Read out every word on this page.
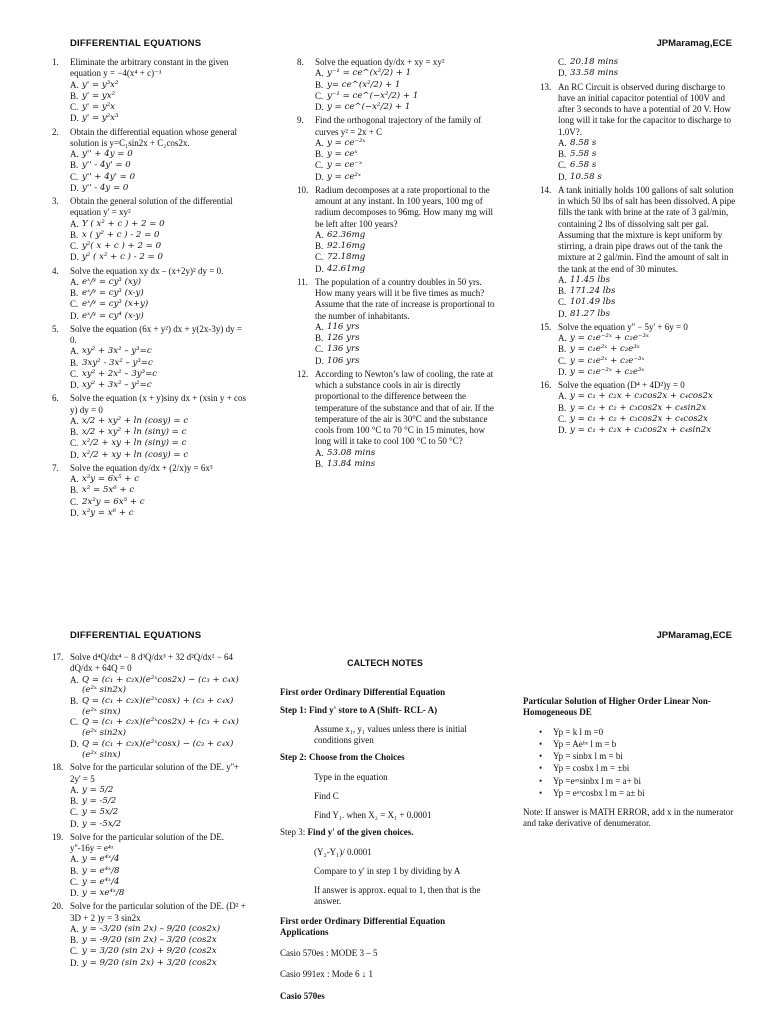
DIFFERENTIAL EQUATIONS	JPMaramag,ECE
1.	Eliminate the arbitrary constant in the given equation y = −4(x⁴ + c)⁻¹
A. y' = y³x²
B. y' = yx²
C. y' = y²x
D. y' = y²x³
2.	Obtain the differential equation whose general solution is y=C₁sin2x + C₂cos2x.
A. y'' + 4y = 0
B. y'' - 4y' = 0
C. y'' + 4y' = 0
D. y'' - 4y = 0
3.	Obtain the general solution of the differential equation y' = xy²
A. Y ( x² + c ) + 2 = 0
B. x ( y² + c ) - 2 = 0
C. y²( x + c ) + 2 = 0
D. y² ( x² + c ) - 2 = 0
4.	Solve the equation xy dx – (x+2y)² dy = 0.
A. eˣ/ʸ = cy³ (xy)
B. eˣ/ʸ = cy³ (x-y)
C. eˣ/ʸ = cy³ (x+y)
D. eˣ/ʸ = cy⁴ (x-y)
5.	Solve the equation (6x + y²) dx + y(2x-3y) dy = 0.
A. xy² + 3x² – y³=c
B. 3xy² - 3x² – y³=c
C. xy² + 2x² – 3y³=c
D. xy² + 3x² – y²=c
6.	Solve the equation (x + y)siny dx + (xsin y + cos y) dy = 0
A. x/2 + xy² + ln (cosy) = c
B. x/2 + xy² + ln (siny) = c
C. x²/2 + xy + ln (siny) = c
D. x²/2 + xy + ln (cosy) = c
7.	Solve the equation dy/dx + (2/x)y = 6x³
A. x²y = 6x⁵ + c
B. x² = 5x⁶ + c
C. 2x²y = 6x⁵ + c
D. x²y = x⁶ + c
8.	Solve the equation dy/dx + xy = xy²
A. y⁻¹ = ce^(x²/2) + 1
B. y= ce^(x²/2) + 1
C. y⁻¹ = ce^(−x²/2) + 1
D. y = ce^(−x²/2) + 1
9.	Find the orthogonal trajectory of the family of curves y² = 2x + C
A. y = ce⁻²ˣ
B. y = ceˣ
C. y = ce⁻ˣ
D. y = ce²ˣ
10. Radium decomposes at a rate proportional to the amount at any instant. In 100 years, 100 mg of radium decomposes to 96mg. How many mg will be left after 100 years?
A. 62.36mg
B. 92.16mg
C. 72.18mg
D. 42.61mg
11. The population of a country doubles in 50 yrs. How many years will it be five times as much? Assume that the rate of increase is proportional to the number of inhabitants.
A. 116 yrs
B. 126 yrs
C. 136 yrs
D. 106 yrs
12. According to Newton’s law of cooling, the rate at which a substance cools in air is directly proportional to the difference between the temperature of the substance and that of air. If the temperature of the air is 30°C and the substance cools from 100 °C to 70 °C in 15 minutes, how long will it take to cool 100 °C to 50 °C?
A. 53.08 mins
B. 13.84 mins
C. 20.18 mins
D. 33.58 mins
13. An RC Circuit is observed during discharge to have an initial capacitor potential of 100V and after 3 seconds to have a potential of 20 V. How long will it take for the capacitor to discharge to 1.0V?.
A. 8.58 s
B. 5.58 s
C. 6.58 s
D. 10.58 s
14. A tank initially holds 100 gallons of salt solution in which 50 lbs of salt has been dissolved. A pipe fills the tank with brine at the rate of 3 gal/min, containing 2 lbs of dissolving salt per gal. Assuming that the mixture is kept uniform by stirring, a drain pipe draws out of the tank the mixture at 2 gal/min. Find the amount of salt in the tank at the end of 30 minutes.
A. 11.45 lbs
B. 171.24 lbs
C. 101.49 lbs
D. 81.27 lbs
15. Solve the equation y'' − 5y' + 6y = 0
A. y = c₁e⁻²ˣ + c₂e⁻³ˣ
B. y = c₁e²ˣ + c₂e³ˣ
C. y = c₁e²ˣ + c₂e⁻³ˣ
D. y = c₁e⁻²ˣ + c₂e³ˣ
16. Solve the equation (D⁴ + 4D²)y = 0
A. y = c₁ + c₂x + c₃cos2x + c₄cos2x
B. y = c₁ + c₂ + c₃cos2x + c₄sin2x
C. y = c₁ + c₂ + c₃cos2x + c₄cos2x
D. y = c₁ + c₂x + c₃cos2x + c₄sin2x
DIFFERENTIAL EQUATIONS	JPMaramag,ECE
17. Solve d⁴Q/dx⁴ − 8 d³Q/dx³ + 32 d²Q/dx² − 64 dQ/dx + 64Q = 0
A. Q = (c₁ + c₂x)(e²ˣcos2x) − (c₃ + c₄x)(e²ˣ sin2x)
B. Q = (c₁ + c₂x)(e²ˣcosx) + (c₃ + c₄x)(e²ˣ sinx)
C. Q = (c₁ + c₂x)(e²ˣcos2x) + (c₃ + c₄x)(e²ˣ sin2x)
D. Q = (c₁ + c₂x)(e²ˣcosx) − (c₃ + c₄x)(e²ˣ sinx)
18. Solve for the particular solution of the DE. y''+ 2y' = 5
A. y = 5/2
B. y = -5/2
C. y = 5x/2
D. y = -5x/2
19. Solve for the particular solution of the DE. y''-16y = e⁴ˣ
A. y = e⁴ˣ/4
B. y = e⁴ˣ/8
C. y = e⁴ˣ/4
D. y = xe⁴ˣ/8
20. Solve for the particular solution of the DE. (D² + 3D + 2 )y = 3 sin2x
A. y = -3/20 (sin 2x) – 9/20 (cos2x)
B. y = -9/20 (sin 2x) – 3/20 (cos2x
C. y = 3/20 (sin 2x) + 9/20 (cos2x
D. y = 9/20 (sin 2x) + 3/20 (cos2x
CALTECH NOTES
First order Ordinary Differential Equation
Step 1: Find y' store to A (Shift- RCL- A)
Assume x₁, y₁ values unless there is initial conditions given
Step 2: Choose from the Choices
Type in the equation
Find C
Find Y₁. when X₂ = X₁ + 0.0001
Step 3: Find y' of the given choices.
(Y₂-Y₁)/ 0.0001
Compare to y' in step 1 by dividing by A
If answer is approx. equal to 1, then that is the answer.
First order Ordinary Differential Equation Applications
Casio 570es : MODE 3 – 5
Casio 991ex : Mode 6 ↓ 1
Casio 570es
Particular Solution of Higher Order Linear Non-Homogeneous DE
•	Yp = k l m =0
•	Yp = Aeᵇˣ l m = b
•	Yp = sinbx l m = bi
•	Yp = cosbx l m = ±bi
•	Yp =eᵃˣsinbx l m = a+ bi
•	Yp = eᵃˣcosbx l m = a± bi
Note: If answer is MATH ERROR, add x in the numerator and take derivative of denumerator.
